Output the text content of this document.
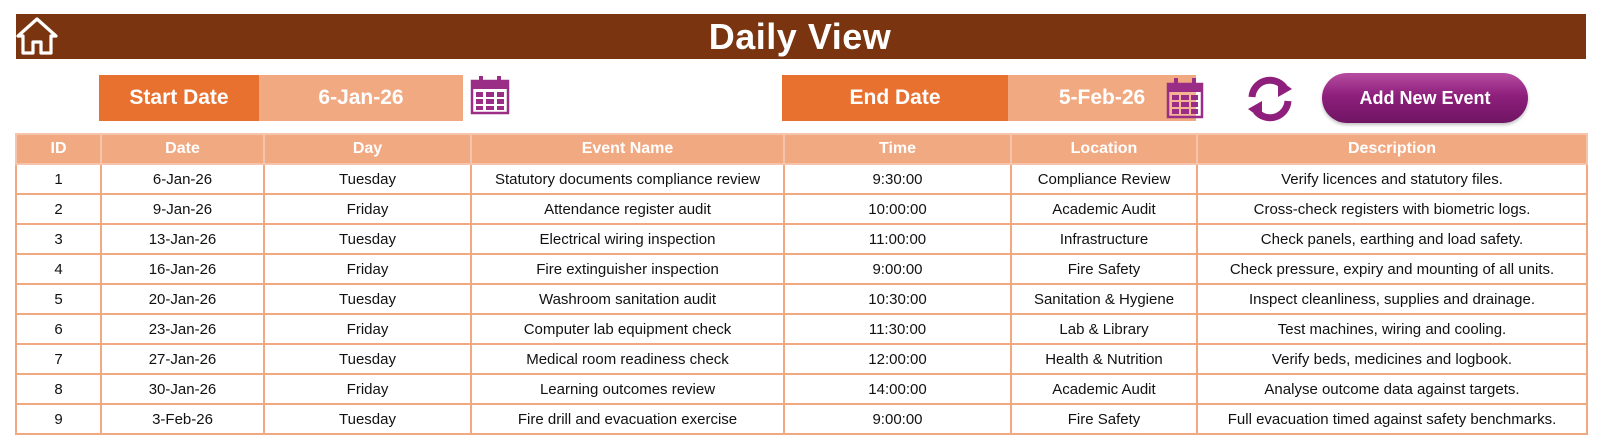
Daily View
Start Date	6-Jan-26	End Date	5-Feb-26	Add New Event
ID	Date	Day	Event Name	Time	Location	Description
1	6-Jan-26	Tuesday	Statutory documents compliance review	9:30:00	Compliance Review	Verify licences and statutory files.
2	9-Jan-26	Friday	Attendance register audit	10:00:00	Academic Audit	Cross-check registers with biometric logs.
3	13-Jan-26	Tuesday	Electrical wiring inspection	11:00:00	Infrastructure	Check panels, earthing and load safety.
4	16-Jan-26	Friday	Fire extinguisher inspection	9:00:00	Fire Safety	Check pressure, expiry and mounting of all units.
5	20-Jan-26	Tuesday	Washroom sanitation audit	10:30:00	Sanitation & Hygiene	Inspect cleanliness, supplies and drainage.
6	23-Jan-26	Friday	Computer lab equipment check	11:30:00	Lab & Library	Test machines, wiring and cooling.
7	27-Jan-26	Tuesday	Medical room readiness check	12:00:00	Health & Nutrition	Verify beds, medicines and logbook.
8	30-Jan-26	Friday	Learning outcomes review	14:00:00	Academic Audit	Analyse outcome data against targets.
9	3-Feb-26	Tuesday	Fire drill and evacuation exercise	9:00:00	Fire Safety	Full evacuation timed against safety benchmarks.
